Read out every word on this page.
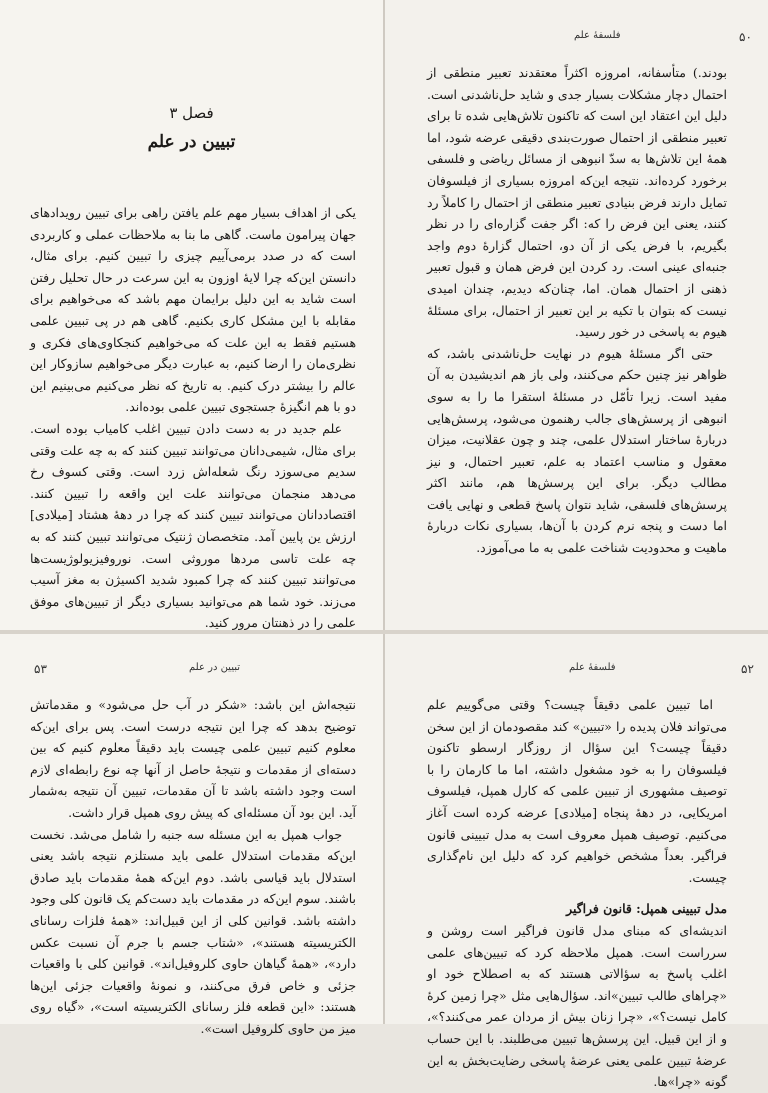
فصل ۳
تبیین در علم

یکی از اهداف بسیار مهم علم یافتن راهی برای تبیین رویدادهای جهان پیرامون ماست. گاهی ما بنا به ملاحظات عملی و کاربردی است که در صدد برمی‌آییم چیزی را تبیین کنیم. برای مثال، دانستن این‌که چرا لایهٔ اوزون به این سرعت در حال تحلیل رفتن است شاید به این دلیل برایمان مهم باشد که می‌خواهیم برای مقابله با این مشکل کاری بکنیم. گاهی هم در پی تبیین علمی هستیم فقط به این علت که می‌خواهیم کنجکاوی‌های فکری و نظری‌مان را ارضا کنیم، به عبارت دیگر می‌خواهیم سازوکار این عالم را بیشتر درک کنیم. به تاریخ که نظر می‌کنیم می‌بینیم این دو با هم انگیزهٔ جستجوی تبیین علمی بوده‌اند.

علم جدید در به دست دادن تبیین اغلب کامیاب بوده است. برای مثال، شیمی‌دانان می‌توانند تبیین کنند که به چه علت وقتی سدیم می‌سوزد رنگ شعله‌اش زرد است. وقتی کسوف رخ می‌دهد منجمان می‌توانند علت این واقعه را تبیین کنند. اقتصاددانان می‌توانند تبیین کنند که چرا در دههٔ هشتاد [میلادی] ارزش ین پایین آمد. متخصصان ژنتیک می‌توانند تبیین کنند که به چه علت تاسی مردها موروثی است. نوروفیزیولوژیست‌ها می‌توانند تبیین کنند که چرا کمبود شدید اکسیژن به مغز آسیب می‌زند. خود شما هم می‌توانید بسیاری دیگر از تبیین‌های موفق علمی را در ذهنتان مرور کنید.

۵۰
فلسفهٔ علم

بودند.) متأسفانه، امروزه اکثراً معتقدند تعبیر منطقی از احتمال دچار مشکلات بسیار جدی و شاید حل‌ناشدنی است. دلیل این اعتقاد این است که تاکنون تلاش‌هایی شده تا برای تعبیر منطقی از احتمال صورت‌بندی دقیقی عرضه شود، اما همهٔ این تلاش‌ها به سدّ انبوهی از مسائل ریاضی و فلسفی برخورد کرده‌اند. نتیجه این‌که امروزه بسیاری از فیلسوفان تمایل دارند فرض بنیادی تعبیر منطقی از احتمال را کاملاً رد کنند، یعنی این فرض را که: اگر جفت گزاره‌ای را در نظر بگیریم، با فرض یکی از آن دو، احتمال گزارهٔ دوم واجد جنبه‌ای عینی است. رد کردن این فرض همان و قبول تعبیر ذهنی از احتمال همان. اما، چنان‌که دیدیم، چندان امیدی نیست که بتوان با تکیه بر این تعبیر از احتمال، برای مسئلهٔ هیوم به پاسخی در خور رسید.

حتی اگر مسئلهٔ هیوم در نهایت حل‌ناشدنی باشد، که ظواهر نیز چنین حکم می‌کنند، ولی باز هم اندیشیدن به آن مفید است. زیرا تأمّل در مسئلهٔ استقرا ما را به سوی انبوهی از پرسش‌های جالب رهنمون می‌شود، پرسش‌هایی دربارهٔ ساختار استدلال علمی، چند و چون عقلانیت، میزان معقول و مناسب اعتماد به علم، تعبیر احتمال، و نیز مطالب دیگر. برای این پرسش‌ها هم، مانند اکثر پرسش‌های فلسفی، شاید نتوان پاسخ قطعی و نهایی یافت اما دست و پنجه نرم کردن با آن‌ها، بسیاری نکات دربارهٔ ماهیت و محدودیت شناخت علمی به ما می‌آموزد.

۵۳	تبیین در علم

نتیجه‌اش این باشد: «شکر در آب حل می‌شود» و مقدماتش توضیح بدهد که چرا این نتیجه درست است. پس برای این‌که معلوم کنیم تبیین علمی چیست باید دقیقاً معلوم کنیم که بین دسته‌ای از مقدمات و نتیجهٔ حاصل از آنها چه نوع رابطه‌ای لازم است وجود داشته باشد تا آن مقدمات، تبیین آن نتیجه به‌شمار آید. این بود آن مسئله‌ای که پیش روی همپل قرار داشت.

جواب همپل به این مسئله سه جنبه را شامل می‌شد. نخست این‌که مقدمات استدلال علمی باید مستلزم نتیجه باشد یعنی استدلال باید قیاسی باشد. دوم این‌که همهٔ مقدمات باید صادق باشند. سوم این‌که در مقدمات باید دست‌کم یک قانون کلی وجود داشته باشد. قوانین کلی از این قبیل‌اند: «همهٔ فلزات رسانای الکتریسیته هستند»، «شتاب جسم با جرم آن نسبت عکس دارد»، «همهٔ گیاهان حاوی کلروفیل‌اند». قوانین کلی با واقعیات جزئی و خاص فرق می‌کنند، و نمونهٔ واقعیات جزئی این‌ها هستند: «این قطعه فلز رسانای الکتریسیته است»، «گیاه روی میز من حاوی کلروفیل است».

۵۲
فلسفهٔ علم

اما تبیین علمی دقیقاً چیست؟ وقتی می‌گوییم علم می‌تواند فلان پدیده را «تبیین» کند مقصودمان از این سخن دقیقاً چیست؟ این سؤال از روزگار ارسطو تاکنون فیلسوفان را به خود مشغول داشته، اما ما کارمان را با توصیف مشهوری از تبیین علمی که کارل همپل، فیلسوف امریکایی، در دههٔ پنجاه [میلادی] عرضه کرده است آغاز می‌کنیم. توصیف همپل معروف است به مدل تبیینی قانون فراگیر. بعداً مشخص خواهیم کرد که دلیل این نام‌گذاری چیست.

مدل تبیینی همپل: قانون فراگیر

اندیشه‌ای که مبنای مدل قانون فراگیر است روشن و سرراست است. همپل ملاحظه کرد که تبیین‌های علمی اغلب پاسخ به سؤالاتی هستند که به اصطلاح خود او «چراهای طالب تبیین»اند. سؤال‌هایی مثل «چرا زمین کرهٔ کامل نیست؟»، «چرا زنان بیش از مردان عمر می‌کنند؟»، و از این قبیل. این پرسش‌ها تبیین می‌طلبند. با این حساب عرضهٔ تبیین علمی یعنی عرضهٔ پاسخی رضایت‌بخش به این گونه «چرا»ها.
